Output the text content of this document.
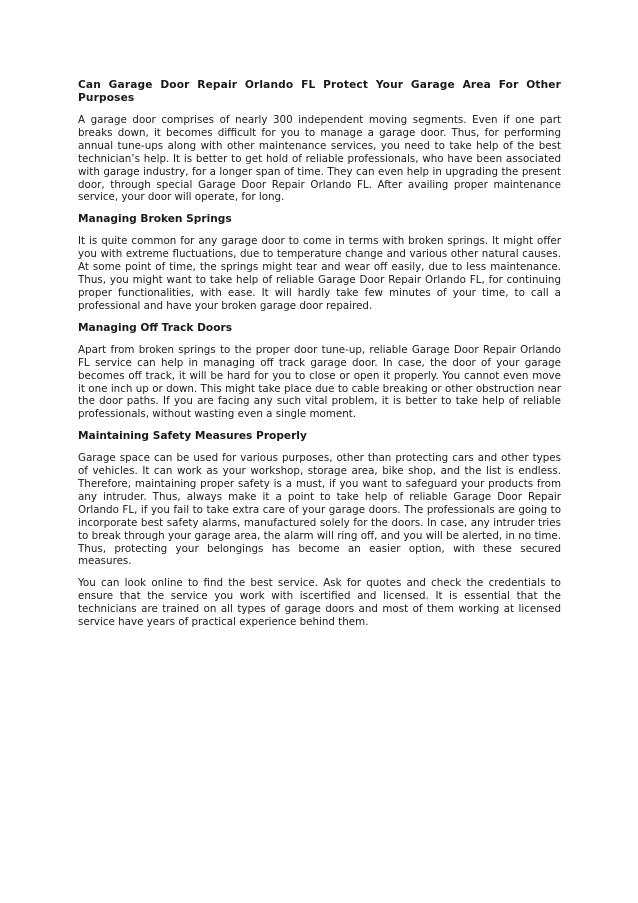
Can Garage Door Repair Orlando FL Protect Your Garage Area For Other Purposes

A garage door comprises of nearly 300 independent moving segments. Even if one part breaks down, it becomes difficult for you to manage a garage door. Thus, for performing annual tune-ups along with other maintenance services, you need to take help of the best technician’s help. It is better to get hold of reliable professionals, who have been associated with garage industry, for a longer span of time. They can even help in upgrading the present door, through special Garage Door Repair Orlando FL. After availing proper maintenance service, your door will operate, for long.

Managing Broken Springs

It is quite common for any garage door to come in terms with broken springs. It might offer you with extreme fluctuations, due to temperature change and various other natural causes. At some point of time, the springs might tear and wear off easily, due to less maintenance. Thus, you might want to take help of reliable Garage Door Repair Orlando FL, for continuing proper functionalities, with ease. It will hardly take few minutes of your time, to call a professional and have your broken garage door repaired.

Managing Off Track Doors

Apart from broken springs to the proper door tune-up, reliable Garage Door Repair Orlando FL service can help in managing off track garage door. In case, the door of your garage becomes off track, it will be hard for you to close or open it properly. You cannot even move it one inch up or down. This might take place due to cable breaking or other obstruction near the door paths. If you are facing any such vital problem, it is better to take help of reliable professionals, without wasting even a single moment.

Maintaining Safety Measures Properly

Garage space can be used for various purposes, other than protecting cars and other types of vehicles. It can work as your workshop, storage area, bike shop, and the list is endless. Therefore, maintaining proper safety is a must, if you want to safeguard your products from any intruder. Thus, always make it a point to take help of reliable Garage Door Repair Orlando FL, if you fail to take extra care of your garage doors. The professionals are going to incorporate best safety alarms, manufactured solely for the doors. In case, any intruder tries to break through your garage area, the alarm will ring off, and you will be alerted, in no time. Thus, protecting your belongings has become an easier option, with these secured measures.

You can look online to find the best service. Ask for quotes and check the credentials to ensure that the service you work with iscertified and licensed. It is essential that the technicians are trained on all types of garage doors and most of them working at licensed service have years of practical experience behind them.
